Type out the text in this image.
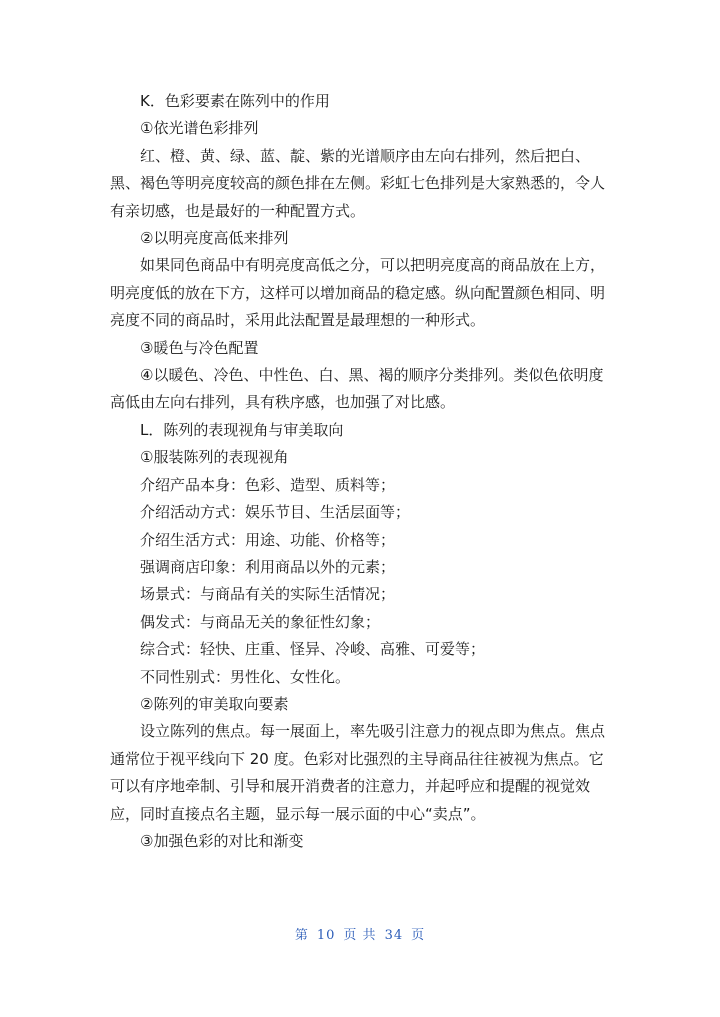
K．色彩要素在陈列中的作用

①依光谱色彩排列

红、橙、黄、绿、蓝、靛、紫的光谱顺序由左向右排列，然后把白、黑、褐色等明亮度较高的颜色排在左侧。彩虹七色排列是大家熟悉的，令人有亲切感，也是最好的一种配置方式。

②以明亮度高低来排列

如果同色商品中有明亮度高低之分，可以把明亮度高的商品放在上方，明亮度低的放在下方，这样可以增加商品的稳定感。纵向配置颜色相同、明亮度不同的商品时，采用此法配置是最理想的一种形式。

③暖色与冷色配置

④以暖色、冷色、中性色、白、黑、褐的顺序分类排列。类似色依明度高低由左向右排列，具有秩序感，也加强了对比感。

L．陈列的表现视角与审美取向

①服装陈列的表现视角

介绍产品本身：色彩、造型、质料等；

介绍活动方式：娱乐节目、生活层面等；

介绍生活方式：用途、功能、价格等；

强调商店印象：利用商品以外的元素；

场景式：与商品有关的实际生活情况；

偶发式：与商品无关的象征性幻象；

综合式：轻快、庄重、怪异、冷峻、高雅、可爱等；

不同性别式：男性化、女性化。

②陈列的审美取向要素

设立陈列的焦点。每一展面上，率先吸引注意力的视点即为焦点。焦点通常位于视平线向下 20 度。色彩对比强烈的主导商品往往被视为焦点。它可以有序地牵制、引导和展开消费者的注意力，并起呼应和提醒的视觉效应，同时直接点名主题，显示每一展示面的中心“卖点”。

③加强色彩的对比和渐变

第 10 页 共 34 页
